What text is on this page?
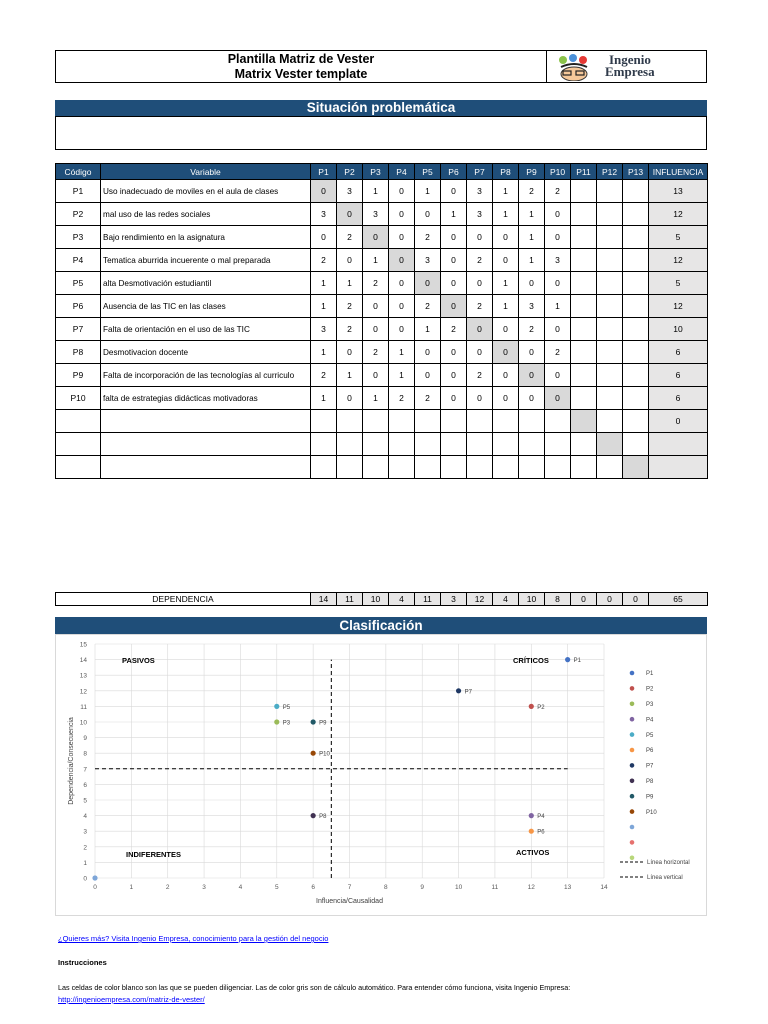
Plantilla Matriz de Vester
Matrix Vester template
Ingenio
Empresa
Situación problemática
Código	Variable	P1	P2	P3	P4	P5	P6	P7	P8	P9	P10	P11	P12	P13	INFLUENCIA
P1	Uso inadecuado de moviles en el aula de clases	0	3	1	0	1	0	3	1	2	2				13
P2	mal uso de las redes sociales	3	0	3	0	0	1	3	1	1	0				12
P3	Bajo rendimiento en la asignatura	0	2	0	0	2	0	0	0	1	0				5
P4	Tematica aburrida incuerente o mal preparada	2	0	1	0	3	0	2	0	1	3				12
P5	alta Desmotivación estudiantil	1	1	2	0	0	0	0	1	0	0				5
P6	Ausencia de las TIC en las clases	1	2	0	0	2	0	2	1	3	1				12
P7	Falta de orientación en el uso de las TIC	3	2	0	0	1	2	0	0	2	0				10
P8	Desmotivacion docente	1	0	2	1	0	0	0	0	0	2				6
P9	Falta de incorporación de las tecnologías al curriculo	2	1	0	1	0	0	2	0	0	0				6
P10	falta de estrategias didácticas motivadoras	1	0	1	2	2	0	0	0	0	0				6
															0

DEPENDENCIA	14	11	10	4	11	3	12	4	10	8	0	0	0	65
Clasificación
0	1	2	3	4	5	6	7	8	9	10	11	12	13	14
0
1
2
3
4
5
6
7
8
9
10
11
12
13
14
15
Influencia/Causalidad
Dependencia/Consecuencia
PASIVOS	CRÍTICOS
INDIFERENTES	ACTIVOS
P1
P2
P3
P4
P5
P6
P7
P8
P9
P10
P1
P2
P3
P4
P5
P6
P7
P8
P9
P10
Línea horizontal
Línea vertical
¿Quieres más? Visita Ingenio Empresa, conocimiento para la gestión del negocio
Instrucciones
Las celdas de color blanco son las que se pueden diligenciar. Las de color gris son de cálculo automático. Para entender cómo funciona, visita Ingenio Empresa:
http://ingenioempresa.com/matriz-de-vester/
